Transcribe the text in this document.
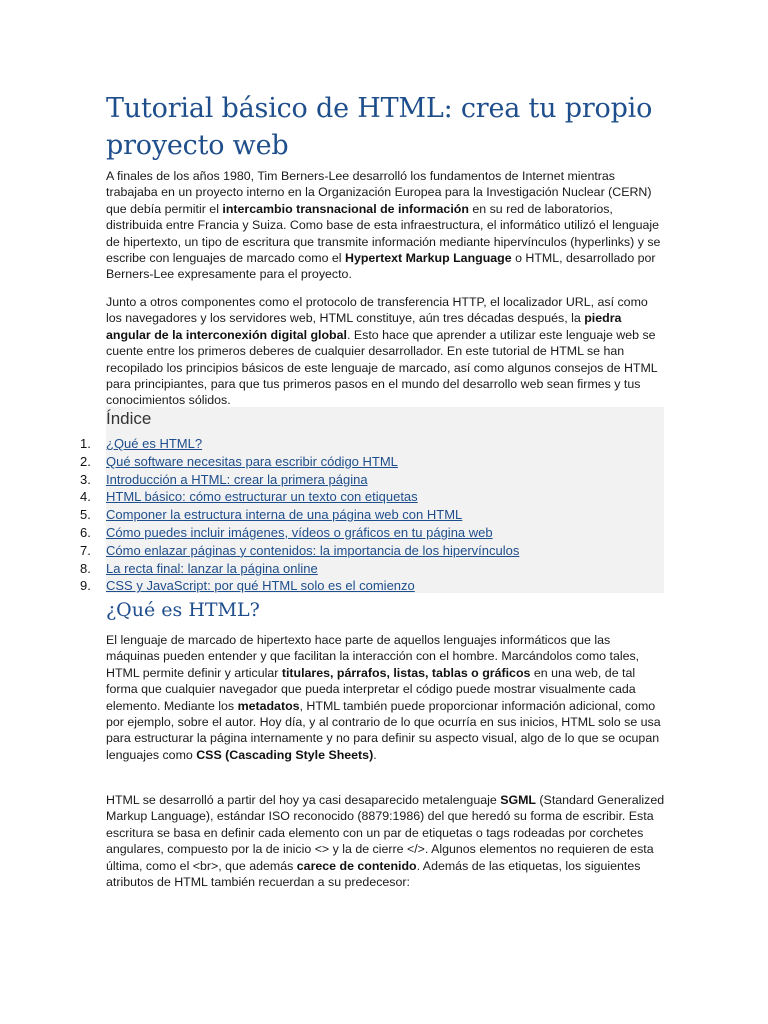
Tutorial básico de HTML: crea tu propio proyecto web

A finales de los años 1980, Tim Berners-Lee desarrolló los fundamentos de Internet mientras trabajaba en un proyecto interno en la Organización Europea para la Investigación Nuclear (CERN) que debía permitir el intercambio transnacional de información en su red de laboratorios, distribuida entre Francia y Suiza. Como base de esta infraestructura, el informático utilizó el lenguaje de hipertexto, un tipo de escritura que transmite información mediante hipervínculos (hyperlinks) y se escribe con lenguajes de marcado como el Hypertext Markup Language o HTML, desarrollado por Berners-Lee expresamente para el proyecto.

Junto a otros componentes como el protocolo de transferencia HTTP, el localizador URL, así como los navegadores y los servidores web, HTML constituye, aún tres décadas después, la piedra angular de la interconexión digital global. Esto hace que aprender a utilizar este lenguaje web se cuente entre los primeros deberes de cualquier desarrollador. En este tutorial de HTML se han recopilado los principios básicos de este lenguaje de marcado, así como algunos consejos de HTML para principiantes, para que tus primeros pasos en el mundo del desarrollo web sean firmes y tus conocimientos sólidos.

Índice
1.	¿Qué es HTML?
2.	Qué software necesitas para escribir código HTML
3.	Introducción a HTML: crear la primera página
4.	HTML básico: cómo estructurar un texto con etiquetas
5.	Componer la estructura interna de una página web con HTML
6.	Cómo puedes incluir imágenes, vídeos o gráficos en tu página web
7.	Cómo enlazar páginas y contenidos: la importancia de los hipervínculos
8.	La recta final: lanzar la página online
9.	CSS y JavaScript: por qué HTML solo es el comienzo
¿Qué es HTML?

El lenguaje de marcado de hipertexto hace parte de aquellos lenguajes informáticos que las máquinas pueden entender y que facilitan la interacción con el hombre. Marcándolos como tales, HTML permite definir y articular titulares, párrafos, listas, tablas o gráficos en una web, de tal forma que cualquier navegador que pueda interpretar el código puede mostrar visualmente cada elemento. Mediante los metadatos, HTML también puede proporcionar información adicional, como por ejemplo, sobre el autor. Hoy día, y al contrario de lo que ocurría en sus inicios, HTML solo se usa para estructurar la página internamente y no para definir su aspecto visual, algo de lo que se ocupan lenguajes como CSS (Cascading Style Sheets).

HTML se desarrolló a partir del hoy ya casi desaparecido metalenguaje SGML (Standard Generalized Markup Language), estándar ISO reconocido (8879:1986) del que heredó su forma de escribir. Esta escritura se basa en definir cada elemento con un par de etiquetas o tags rodeadas por corchetes angulares, compuesto por la de inicio <> y la de cierre </>. Algunos elementos no requieren de esta última, como el <br>, que además carece de contenido. Además de las etiquetas, los siguientes atributos de HTML también recuerdan a su predecesor:
